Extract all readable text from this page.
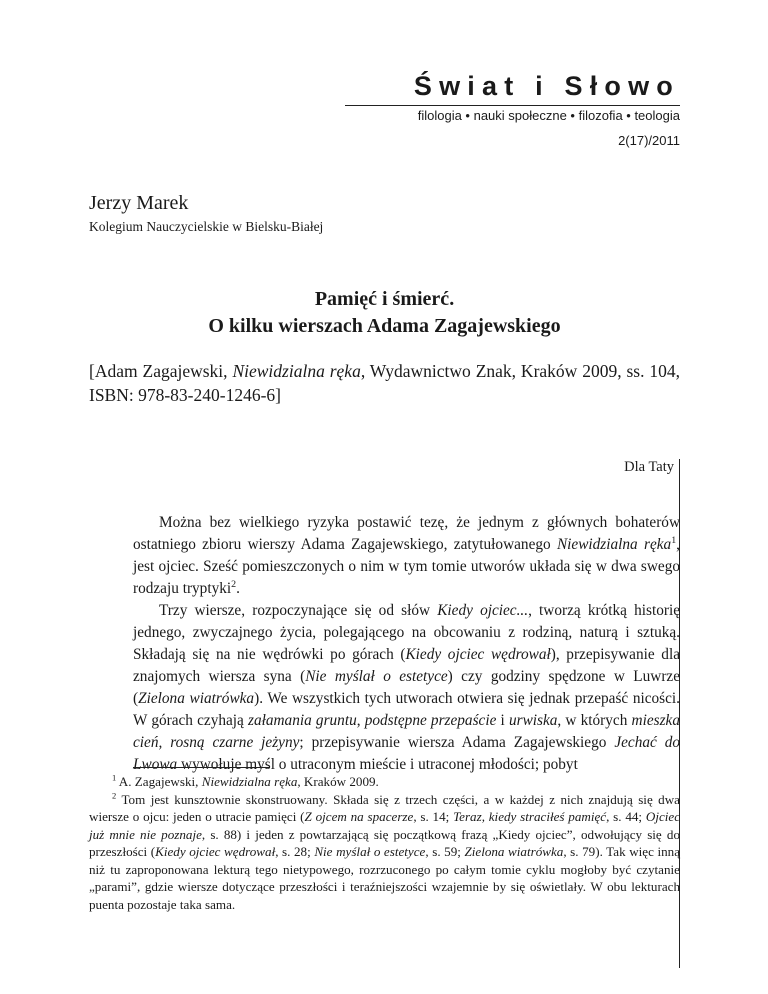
Świat i Słowo
filologia • nauki społeczne • filozofia • teologia
2(17)/2011
Jerzy Marek
Kolegium Nauczycielskie w Bielsku-Białej
Pamięć i śmierć.
O kilku wierszach Adama Zagajewskiego
[Adam Zagajewski, Niewidzialna ręka, Wydawnictwo Znak, Kraków 2009, ss. 104, ISBN: 978-83-240-1246-6]
Dla Taty

Można bez wielkiego ryzyka postawić tezę, że jednym z głównych bohaterów ostatniego zbioru wierszy Adama Zagajewskiego, zatytułowanego Niewidzialna ręka$^1$, jest ojciec. Sześć pomieszczonych o nim w tym tomie utworów układa się w dwa swego rodzaju tryptyki$^2$.

Trzy wiersze, rozpoczynające się od słów Kiedy ojciec..., tworzą krótką historię jednego, zwyczajnego życia, polegającego na obcowaniu z rodziną, naturą i sztuką. Składają się na nie wędrówki po górach (Kiedy ojciec wędrował), przepisywanie dla znajomych wiersza syna (Nie myślał o estetyce) czy godziny spędzone w Luwrze (Zielona wiatrówka). We wszystkich tych utworach otwiera się jednak przepaść nicości. W górach czyhają załamania gruntu, podstępne przepaście i urwiska, w których mieszka cień, rosną czarne jeżyny; przepisywanie wiersza Adama Zagajewskiego Jechać do Lwowa wywołuje myśl o utraconym mieście i utraconej młodości; pobyt

$^1$ A. Zagajewski, Niewidzialna ręka, Kraków 2009.

$^2$ Tom jest kunsztownie skonstruowany. Składa się z trzech części, a w każdej z nich znajdują się dwa wiersze o ojcu: jeden o utracie pamięci (Z ojcem na spacerze, s. 14; Teraz, kiedy straciłeś pamięć, s. 44; Ojciec już mnie nie poznaje, s. 88) i jeden z powtarzającą się początkową frazą „Kiedy ojciec”, odwołujący się do przeszłości (Kiedy ojciec wędrował, s. 28; Nie myślał o estetyce, s. 59; Zielona wiatrówka, s. 79). Tak więc inną niż tu zaproponowana lekturą tego nietypowego, rozrzuconego po całym tomie cyklu mogłoby być czytanie „parami”, gdzie wiersze dotyczące przeszłości i teraźniejszości wzajemnie by się oświetlały. W obu lekturach puenta pozostaje taka sama.
